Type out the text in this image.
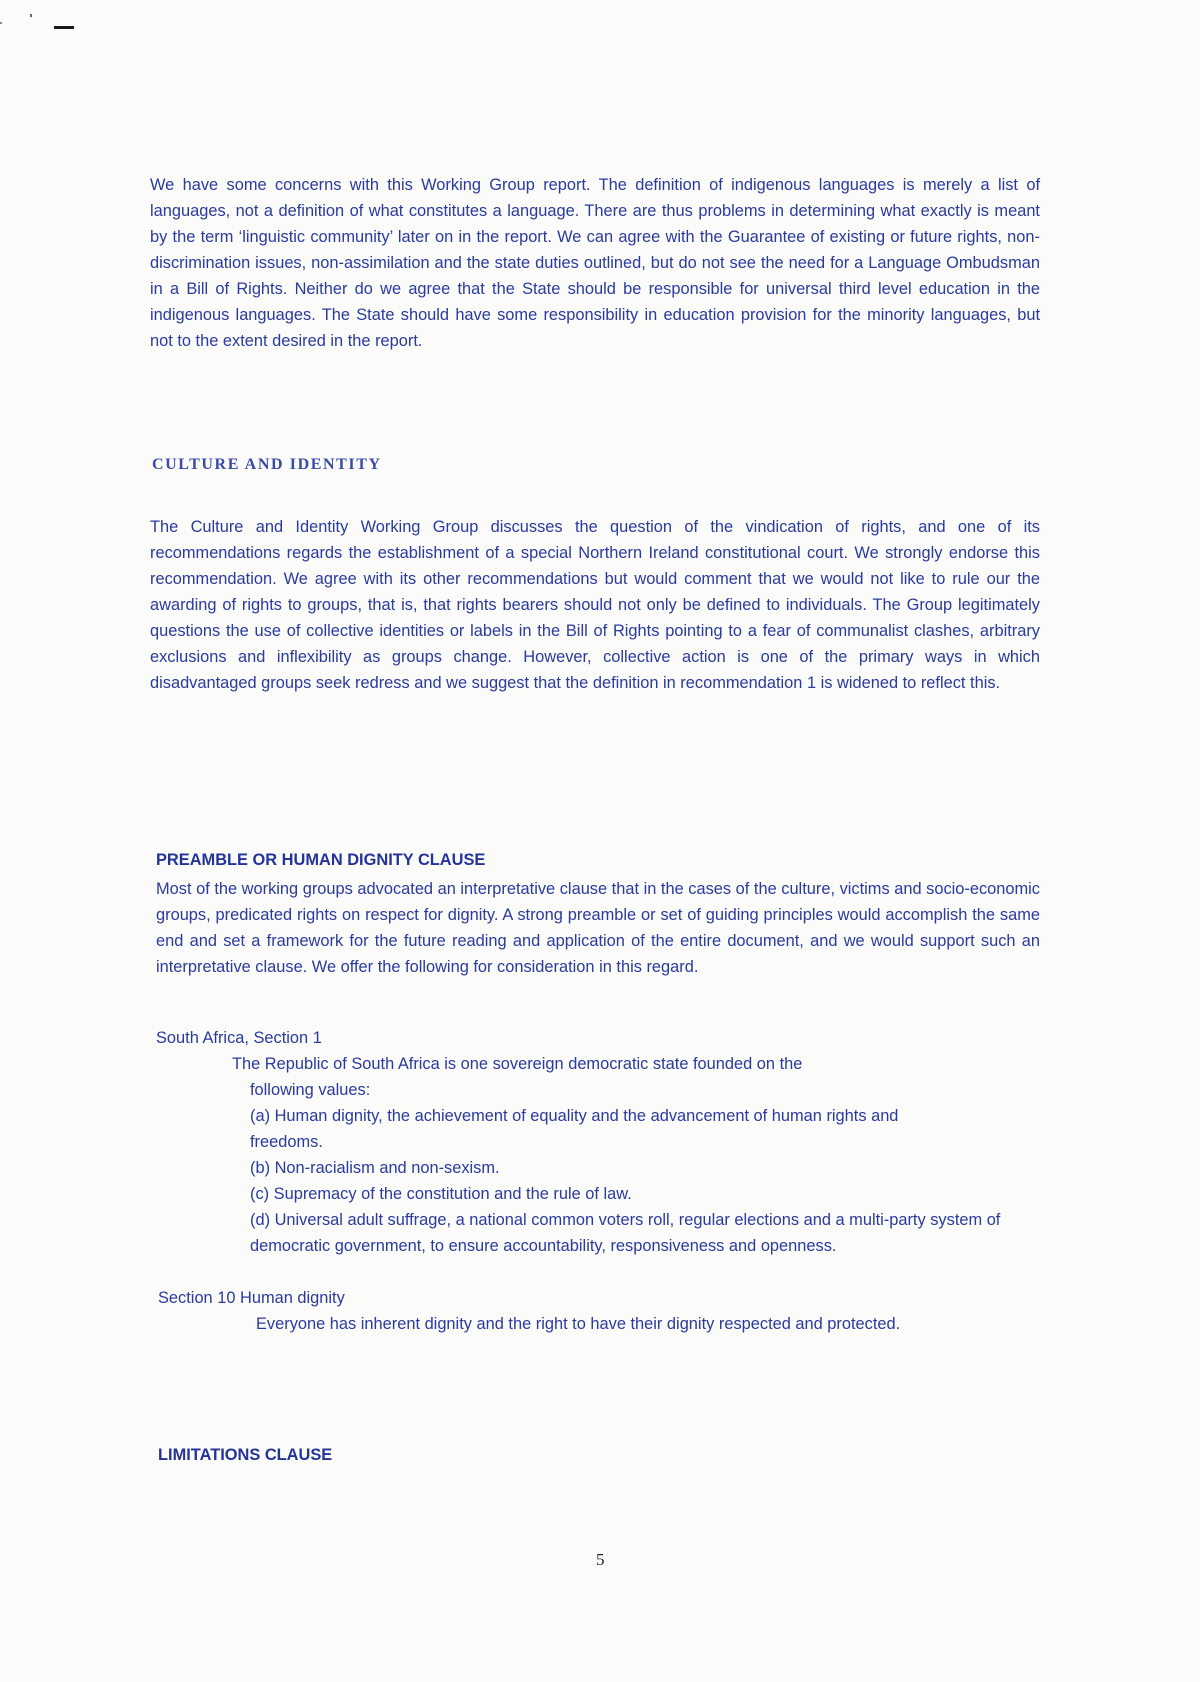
We have some concerns with this Working Group report. The definition of indigenous languages is merely a list of languages, not a definition of what constitutes a language. There are thus problems in determining what exactly is meant by the term ‘linguistic community’ later on in the report. We can agree with the Guarantee of existing or future rights, non-discrimination issues, non-assimilation and the state duties outlined, but do not see the need for a Language Ombudsman in a Bill of Rights. Neither do we agree that the State should be responsible for universal third level education in the indigenous languages. The State should have some responsibility in education provision for the minority languages, but not to the extent desired in the report.

CULTURE AND IDENTITY

The Culture and Identity Working Group discusses the question of the vindication of rights, and one of its recommendations regards the establishment of a special Northern Ireland constitutional court. We strongly endorse this recommendation. We agree with its other recommendations but would comment that we would not like to rule our the awarding of rights to groups, that is, that rights bearers should not only be defined to individuals. The Group legitimately questions the use of collective identities or labels in the Bill of Rights pointing to a fear of communalist clashes, arbitrary exclusions and inflexibility as groups change. However, collective action is one of the primary ways in which disadvantaged groups seek redress and we suggest that the definition in recommendation 1 is widened to reflect this.

PREAMBLE OR HUMAN DIGNITY CLAUSE

Most of the working groups advocated an interpretative clause that in the cases of the culture, victims and socio-economic groups, predicated rights on respect for dignity. A strong preamble or set of guiding principles would accomplish the same end and set a framework for the future reading and application of the entire document, and we would support such an interpretative clause. We offer the following for consideration in this regard.

South Africa, Section 1

The Republic of South Africa is one sovereign democratic state founded on the
following values:

(a) Human dignity, the achievement of equality and the advancement of human rights and freedoms.

(b) Non-racialism and non-sexism.

(c) Supremacy of the constitution and the rule of law.

(d) Universal adult suffrage, a national common voters roll, regular elections and a multi-party system of democratic government, to ensure accountability, responsiveness and openness.

Section 10 Human dignity

Everyone has inherent dignity and the right to have their dignity respected and protected.

LIMITATIONS CLAUSE

5
